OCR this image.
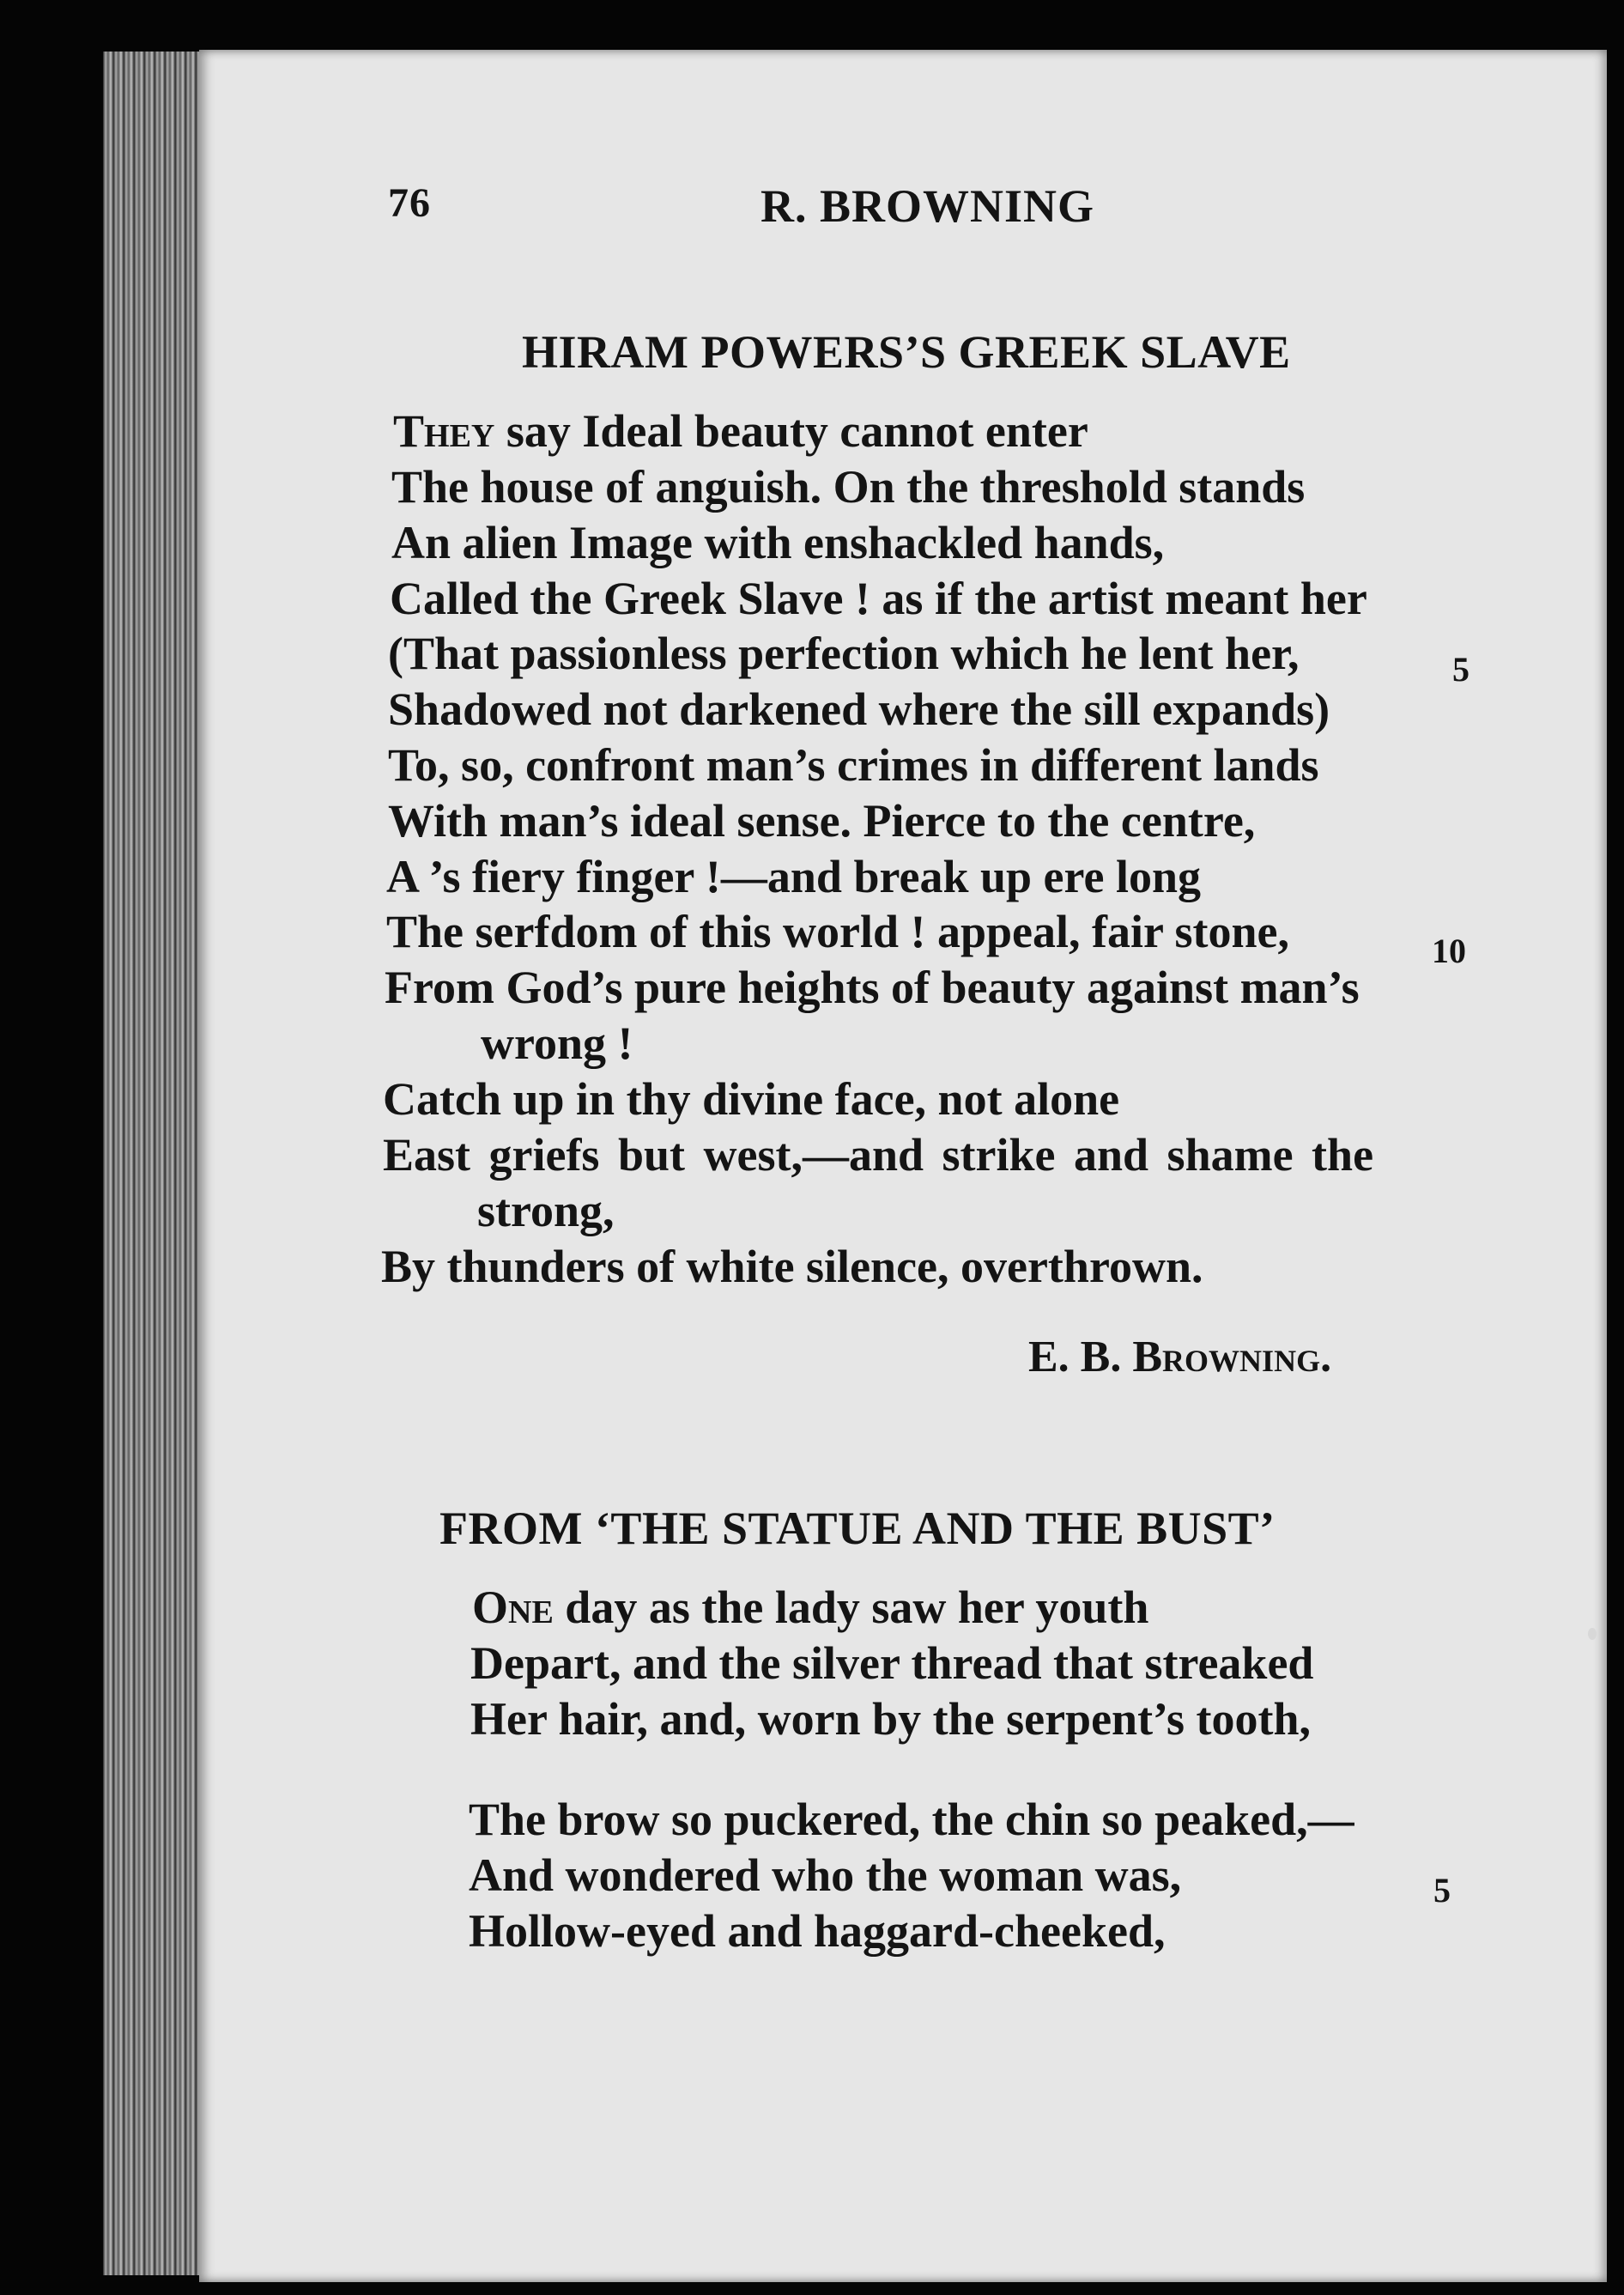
76	R. BROWNING
HIRAM POWERS’S GREEK SLAVE
They say Ideal beauty cannot enter
The house of anguish. On the threshold stands
An alien Image with enshackled hands,
Called the Greek Slave ! as if the artist meant her
(That passionless perfection which he lent her,
Shadowed not darkened where the sill expands)
To, so, confront man’s crimes in different lands
With man’s ideal sense. Pierce to the centre,
A ’s fiery finger !—and break up ere long
The serfdom of this world ! appeal, fair stone,
From God’s pure heights of beauty against man’s
wrong !
Catch up in thy divine face, not alone
East griefs but west,—and strike and shame the
strong,
By thunders of white silence, overthrown.
5
10
E. B. Browning.
FROM ‘THE STATUE AND THE BUST’
One day as the lady saw her youth
Depart, and the silver thread that streaked
Her hair, and, worn by the serpent’s tooth,
The brow so puckered, the chin so peaked,—
And wondered who the woman was,
Hollow-eyed and haggard-cheeked,
5
